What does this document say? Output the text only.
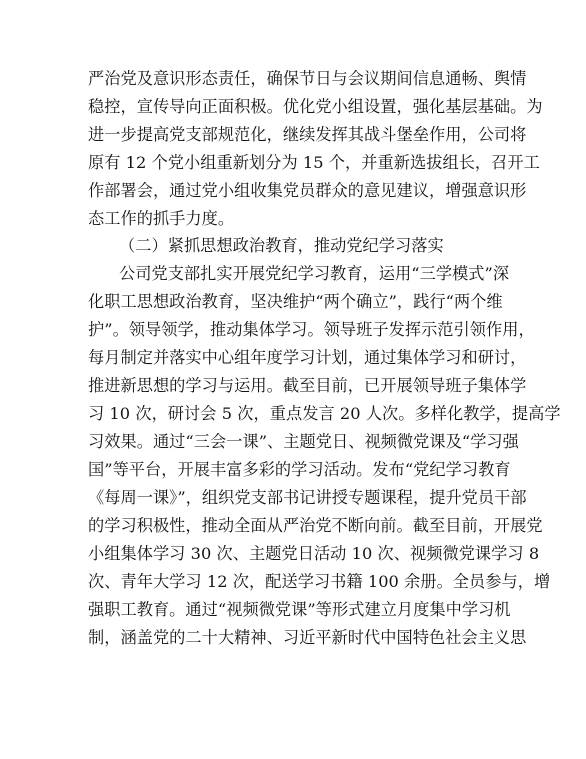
严治党及意识形态责任，确保节日与会议期间信息通畅、舆情
稳控，宣传导向正面积极。优化党小组设置，强化基层基础。为
进一步提高党支部规范化，继续发挥其战斗堡垒作用，公司将
原有 12 个党小组重新划分为 15 个，并重新选拔组长，召开工
作部署会，通过党小组收集党员群众的意见建议，增强意识形
态工作的抓手力度。
（二）紧抓思想政治教育，推动党纪学习落实
公司党支部扎实开展党纪学习教育，运用“三学模式”深
化职工思想政治教育，坚决维护“两个确立”，践行“两个维
护”。领导领学，推动集体学习。领导班子发挥示范引领作用，
每月制定并落实中心组年度学习计划，通过集体学习和研讨，
推进新思想的学习与运用。截至目前，已开展领导班子集体学
习 10 次，研讨会 5 次，重点发言 20 人次。多样化教学，提高学
习效果。通过“三会一课”、主题党日、视频微党课及“学习强
国”等平台，开展丰富多彩的学习活动。发布“党纪学习教育
《每周一课》”，组织党支部书记讲授专题课程，提升党员干部
的学习积极性，推动全面从严治党不断向前。截至目前，开展党
小组集体学习 30 次、主题党日活动 10 次、视频微党课学习 8
次、青年大学习 12 次，配送学习书籍 100 余册。全员参与，增
强职工教育。通过“视频微党课”等形式建立月度集中学习机
制，涵盖党的二十大精神、习近平新时代中国特色社会主义思
